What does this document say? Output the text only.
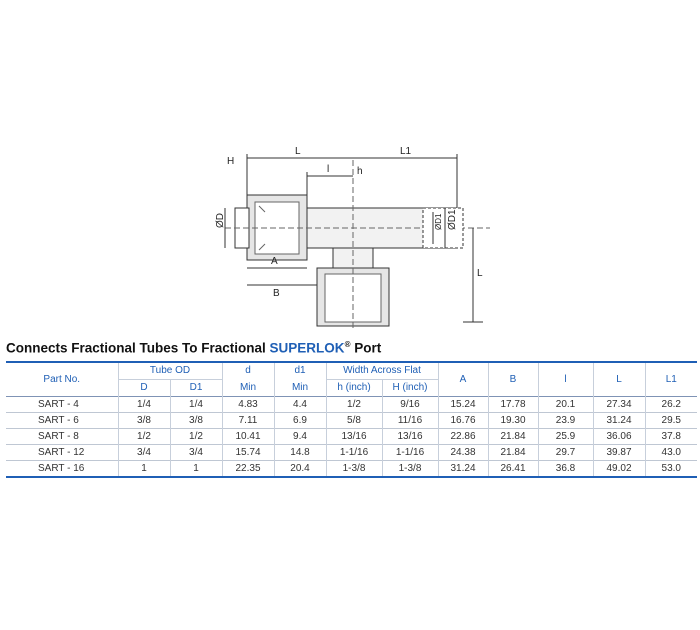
H
L	L1
l	h
ØD	ØD1 ØD1
A
B
L
Connects Fractional Tubes To Fractional SUPERLOK® Port
Part No.	Tube OD		d	d1	Width Across Flat		A	B	l	L	L1
	D	D1	Min	Min	h (inch)	H (inch)					
SART - 4	1/4	1/4	4.83	4.4	1/2	9/16	15.24	17.78	20.1	27.34	26.2
SART - 6	3/8	3/8	7.11	6.9	5/8	11/16	16.76	19.30	23.9	31.24	29.5
SART - 8	1/2	1/2	10.41	9.4	13/16	13/16	22.86	21.84	25.9	36.06	37.8
SART - 12	3/4	3/4	15.74	14.8	1-1/16	1-1/16	24.38	21.84	29.7	39.87	43.0
SART - 16	1	1	22.35	20.4	1-3/8	1-3/8	31.24	26.41	36.8	49.02	53.0
